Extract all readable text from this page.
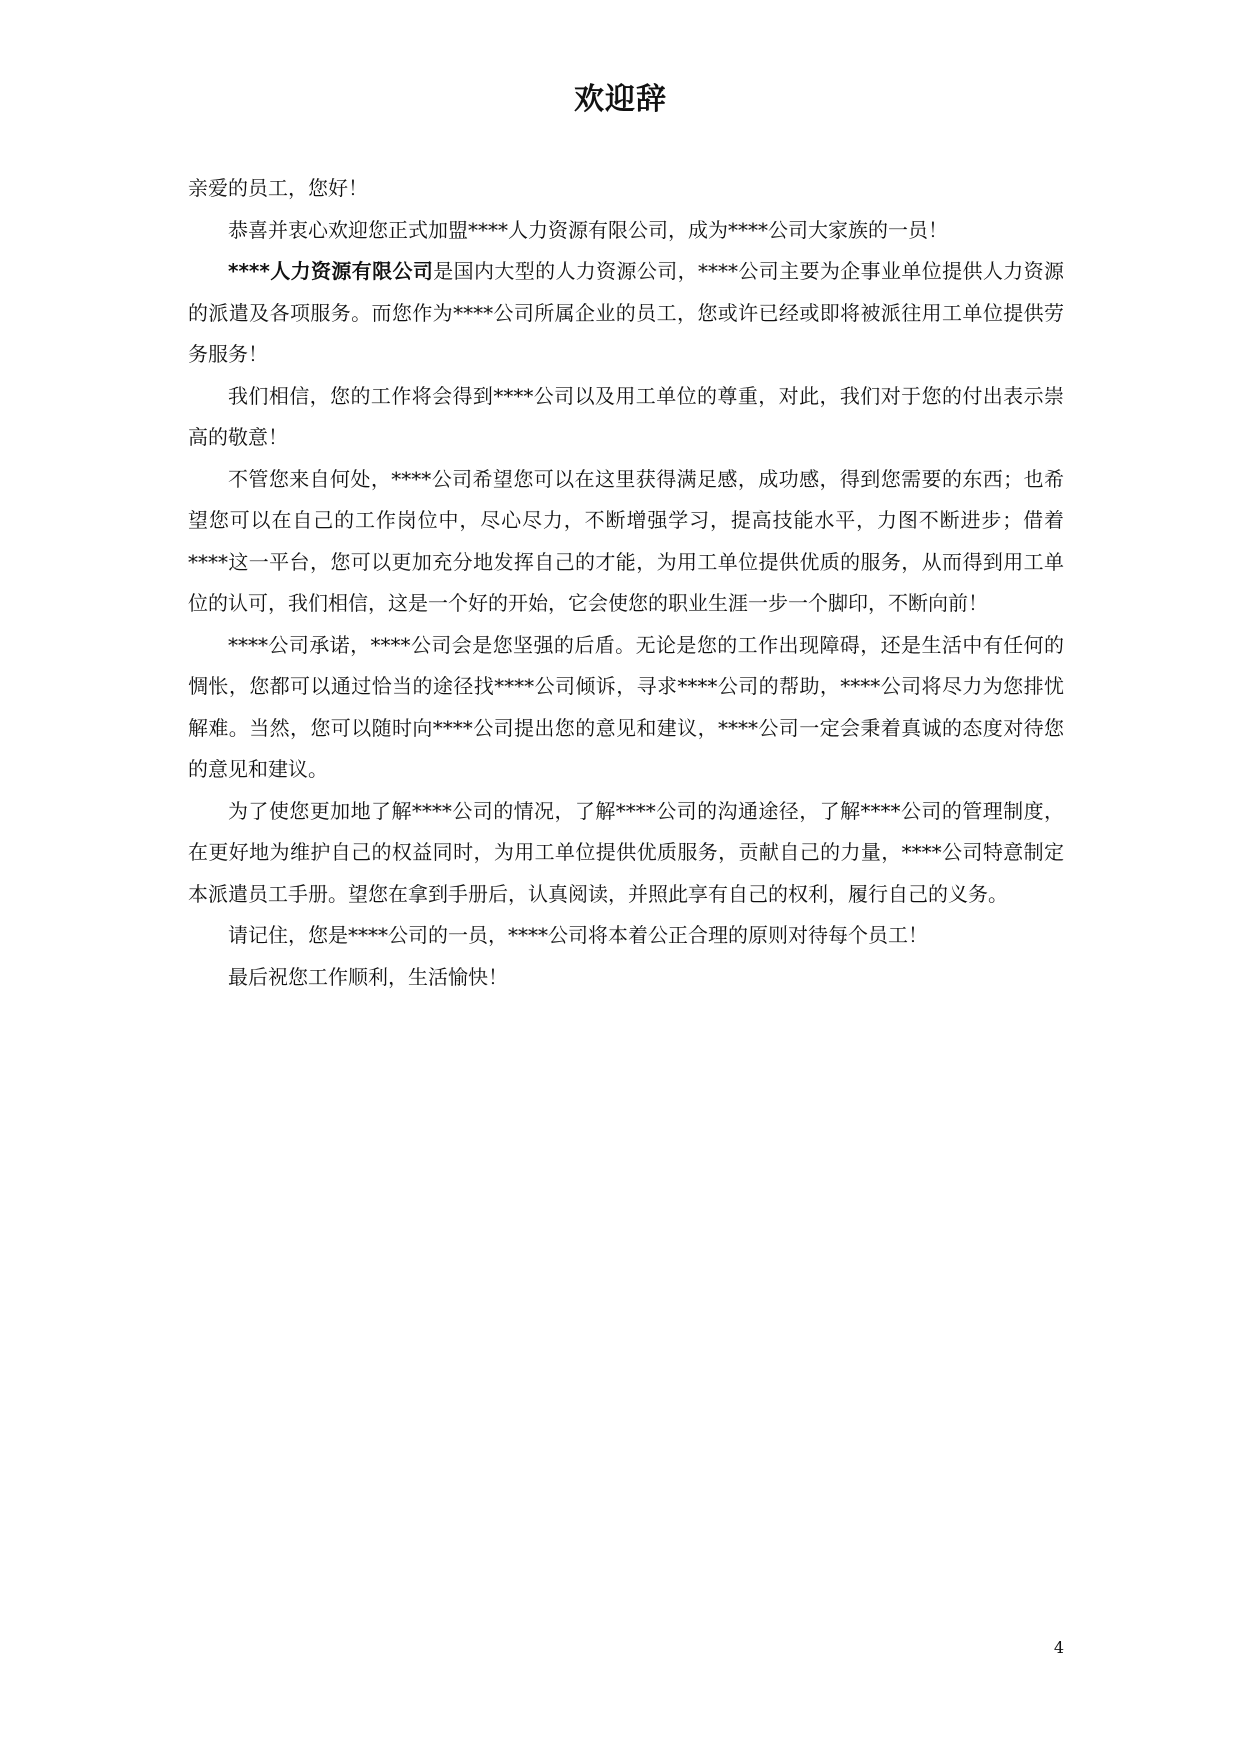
欢迎辞

亲爱的员工，您好！

恭喜并衷心欢迎您正式加盟****人力资源有限公司，成为****公司大家族的一员！

****人力资源有限公司是国内大型的人力资源公司，****公司主要为企事业单位提供人力资源的派遣及各项服务。而您作为****公司所属企业的员工，您或许已经或即将被派往用工单位提供劳务服务！

我们相信，您的工作将会得到****公司以及用工单位的尊重，对此，我们对于您的付出表示崇高的敬意！

不管您来自何处，****公司希望您可以在这里获得满足感，成功感，得到您需要的东西；也希望您可以在自己的工作岗位中，尽心尽力，不断增强学习，提高技能水平，力图不断进步；借着****这一平台，您可以更加充分地发挥自己的才能，为用工单位提供优质的服务，从而得到用工单位的认可，我们相信，这是一个好的开始，它会使您的职业生涯一步一个脚印，不断向前！

****公司承诺，****公司会是您坚强的后盾。无论是您的工作出现障碍，还是生活中有任何的惆怅，您都可以通过恰当的途径找****公司倾诉，寻求****公司的帮助，****公司将尽力为您排忧解难。当然，您可以随时向****公司提出您的意见和建议，****公司一定会秉着真诚的态度对待您的意见和建议。

为了使您更加地了解****公司的情况，了解****公司的沟通途径，了解****公司的管理制度，在更好地为维护自己的权益同时，为用工单位提供优质服务，贡献自己的力量，****公司特意制定本派遣员工手册。望您在拿到手册后，认真阅读，并照此享有自己的权利，履行自己的义务。

请记住，您是****公司的一员，****公司将本着公正合理的原则对待每个员工！

最后祝您工作顺利，生活愉快！

4
